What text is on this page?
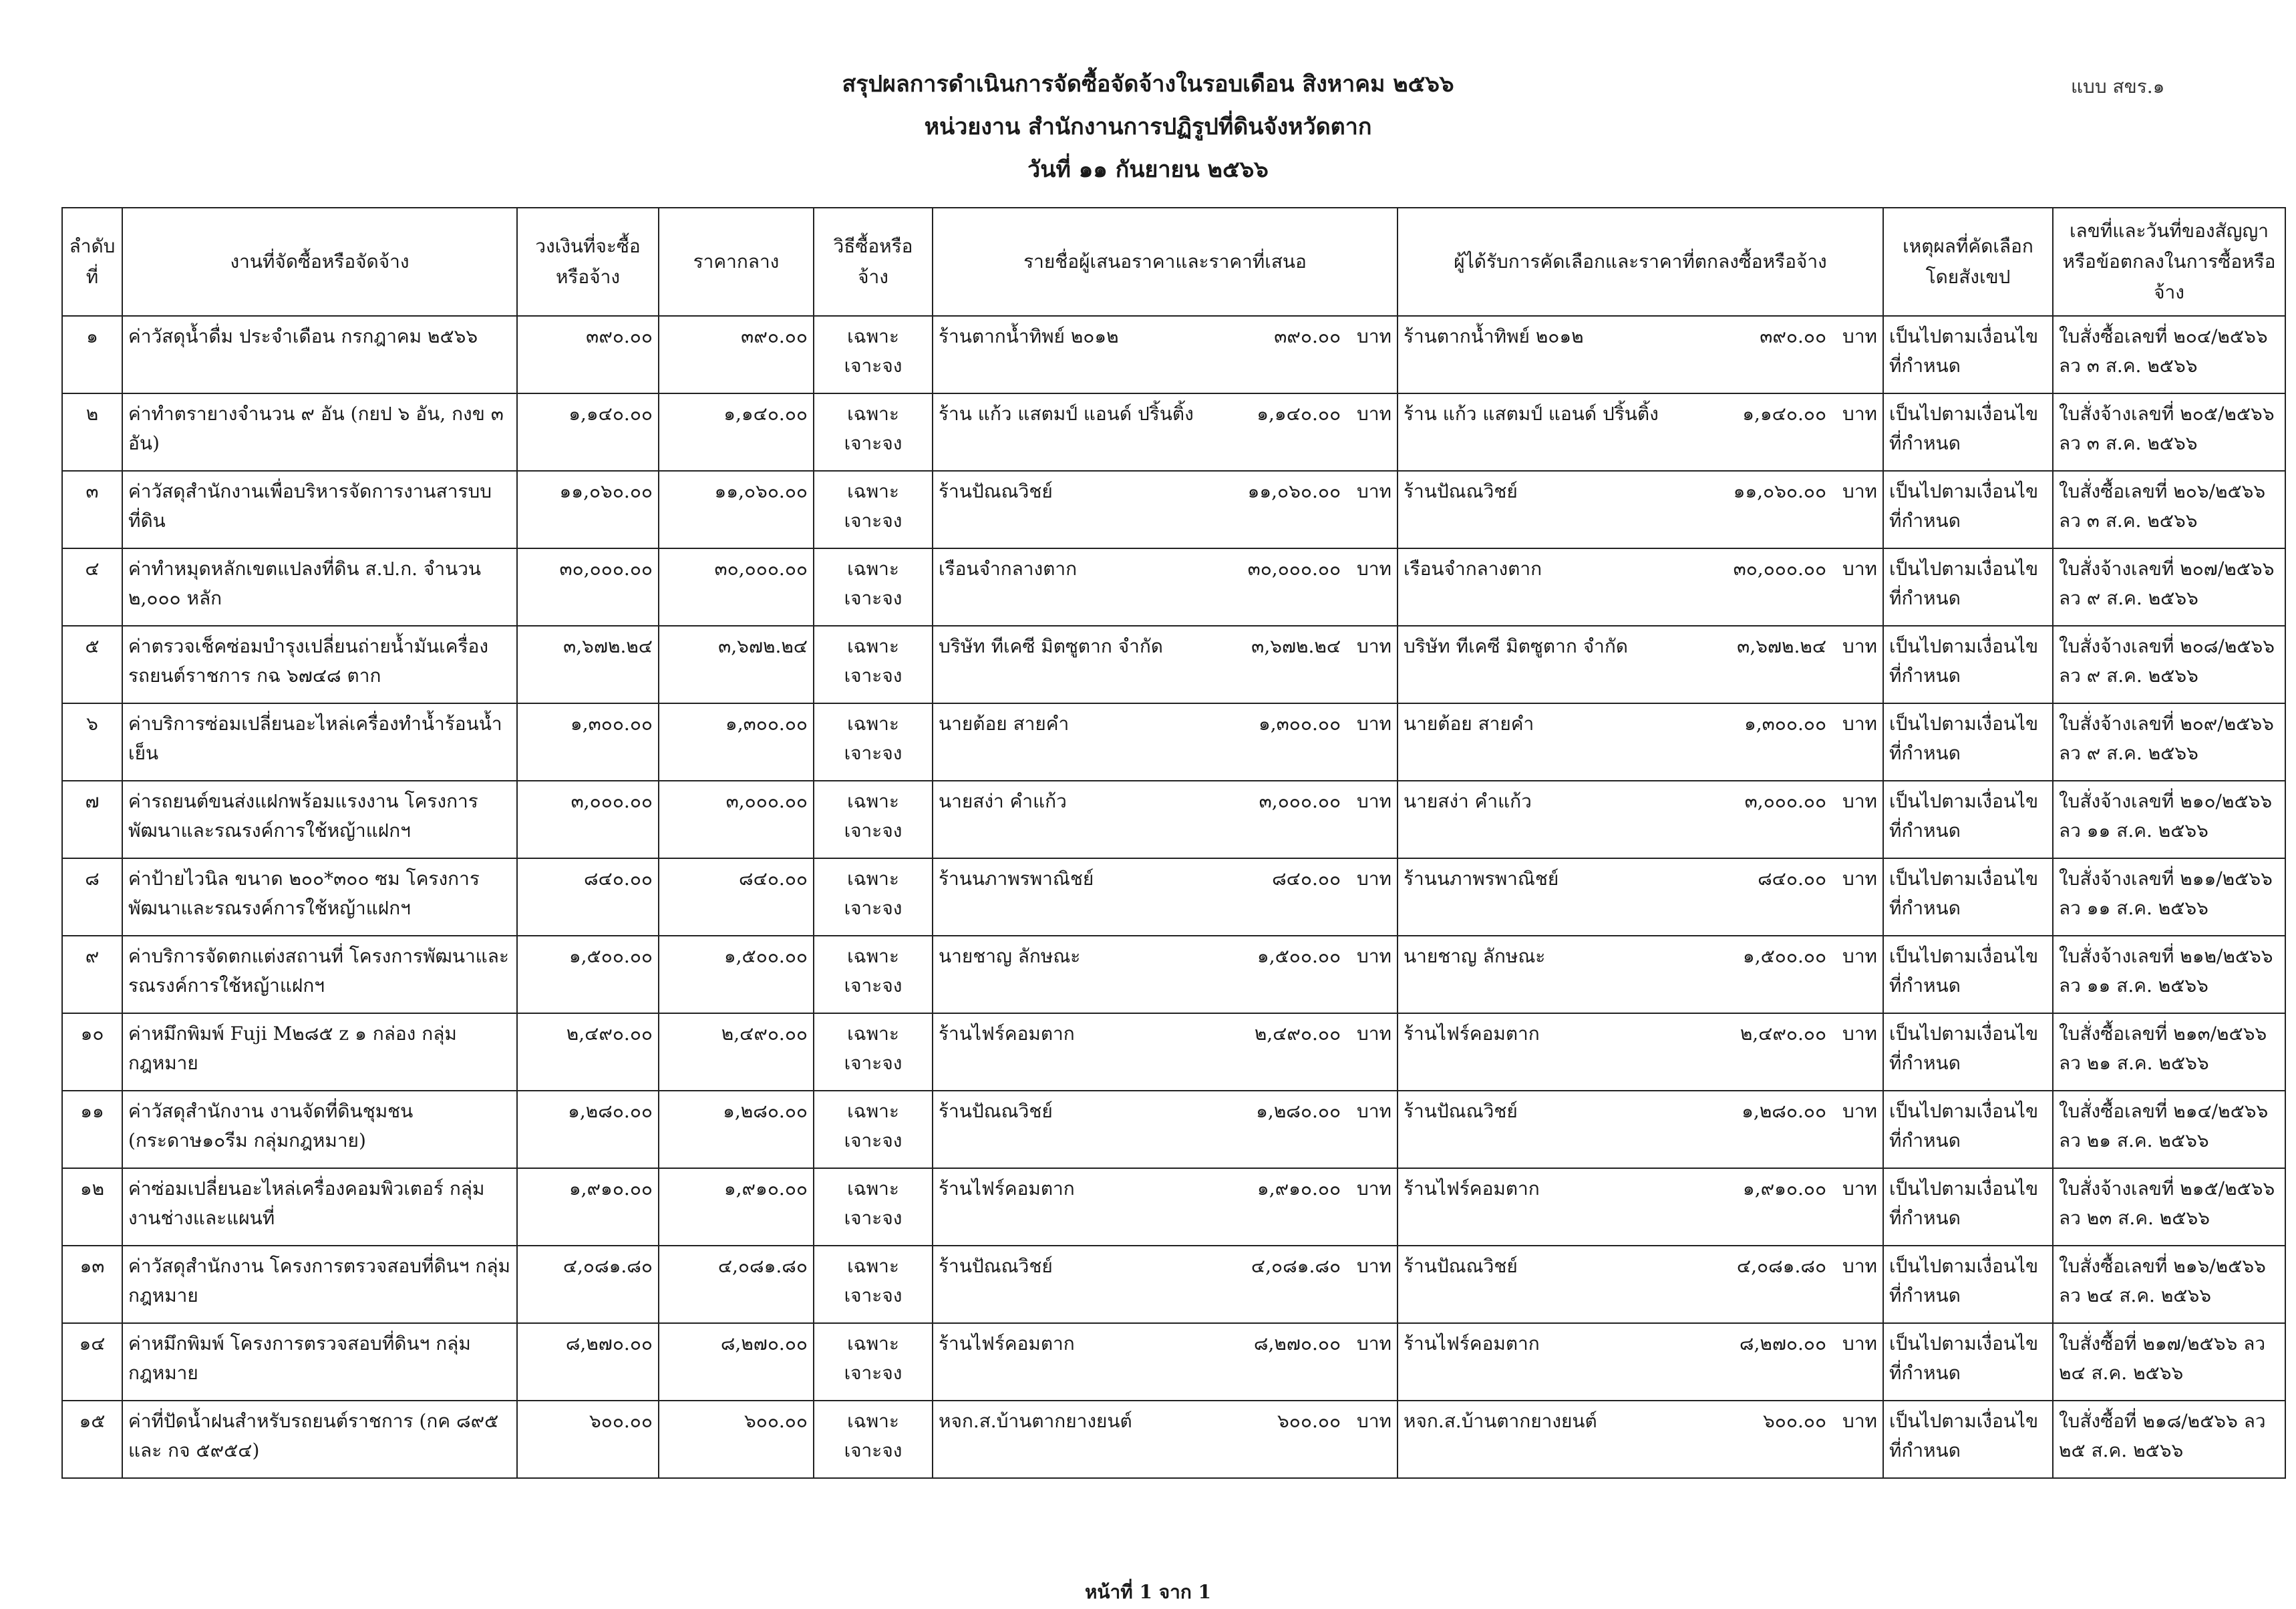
แบบ สขร.๑
สรุปผลการดำเนินการจัดซื้อจัดจ้างในรอบเดือน สิงหาคม ๒๕๖๖
หน่วยงาน สำนักงานการปฏิรูปที่ดินจังหวัดตาก
วันที่ ๑๑ กันยายน ๒๕๖๖
ลำดับที่	งานที่จัดซื้อหรือจัดจ้าง	วงเงินที่จะซื้อหรือจ้าง	ราคากลาง	วิธีซื้อหรือจ้าง	รายชื่อผู้เสนอราคาและราคาที่เสนอ	ผู้ได้รับการคัดเลือกและราคาที่ตกลงซื้อหรือจ้าง	เหตุผลที่คัดเลือกโดยสังเขป	เลขที่และวันที่ของสัญญาหรือข้อตกลงในการซื้อหรือจ้าง
๑	ค่าวัสดุน้ำดื่ม ประจำเดือน กรกฎาคม ๒๕๖๖	๓๙๐.๐๐	๓๙๐.๐๐	เฉพาะเจาะจง	ร้านตากน้ำทิพย์ ๒๐๑๒ ๓๙๐.๐๐ บาท	ร้านตากน้ำทิพย์ ๒๐๑๒ ๓๙๐.๐๐ บาท	เป็นไปตามเงื่อนไขที่กำหนด	ใบสั่งซื้อเลขที่ ๒๐๔/๒๕๖๖ ลว ๓ ส.ค. ๒๕๖๖
๒	ค่าทำตรายางจำนวน ๙ อัน (กยป ๖ อัน, กงข ๓ อัน)	๑,๑๔๐.๐๐	๑,๑๔๐.๐๐	เฉพาะเจาะจง	ร้าน แก้ว แสตมป์ แอนด์ ปริ้นติ้ง ๑,๑๔๐.๐๐ บาท	ร้าน แก้ว แสตมป์ แอนด์ ปริ้นติ้ง ๑,๑๔๐.๐๐ บาท	เป็นไปตามเงื่อนไขที่กำหนด	ใบสั่งจ้างเลขที่ ๒๐๕/๒๕๖๖ ลว ๓ ส.ค. ๒๕๖๖
๓	ค่าวัสดุสำนักงานเพื่อบริหารจัดการงานสารบบที่ดิน	๑๑,๐๖๐.๐๐	๑๑,๐๖๐.๐๐	เฉพาะเจาะจง	ร้านปัณณวิชย์ ๑๑,๐๖๐.๐๐ บาท	ร้านปัณณวิชย์ ๑๑,๐๖๐.๐๐ บาท	เป็นไปตามเงื่อนไขที่กำหนด	ใบสั่งซื้อเลขที่ ๒๐๖/๒๕๖๖ ลว ๓ ส.ค. ๒๕๖๖
๔	ค่าทำหมุดหลักเขตแปลงที่ดิน ส.ป.ก. จำนวน ๒,๐๐๐ หลัก	๓๐,๐๐๐.๐๐	๓๐,๐๐๐.๐๐	เฉพาะเจาะจง	เรือนจำกลางตาก ๓๐,๐๐๐.๐๐ บาท	เรือนจำกลางตาก ๓๐,๐๐๐.๐๐ บาท	เป็นไปตามเงื่อนไขที่กำหนด	ใบสั่งจ้างเลขที่ ๒๐๗/๒๕๖๖ ลว ๙ ส.ค. ๒๕๖๖
๕	ค่าตรวจเช็คซ่อมบำรุงเปลี่ยนถ่ายน้ำมันเครื่อง รถยนต์ราชการ กฉ ๖๗๔๘ ตาก	๓,๖๗๒.๒๔	๓,๖๗๒.๒๔	เฉพาะเจาะจง	บริษัท ทีเคซี มิตซูตาก จำกัด ๓,๖๗๒.๒๔ บาท	บริษัท ทีเคซี มิตซูตาก จำกัด ๓,๖๗๒.๒๔ บาท	เป็นไปตามเงื่อนไขที่กำหนด	ใบสั่งจ้างเลขที่ ๒๐๘/๒๕๖๖ ลว ๙ ส.ค. ๒๕๖๖
๖	ค่าบริการซ่อมเปลี่ยนอะไหล่เครื่องทำน้ำร้อนน้ำเย็น	๑,๓๐๐.๐๐	๑,๓๐๐.๐๐	เฉพาะเจาะจง	นายต้อย สายคำ ๑,๓๐๐.๐๐ บาท	นายต้อย สายคำ ๑,๓๐๐.๐๐ บาท	เป็นไปตามเงื่อนไขที่กำหนด	ใบสั่งจ้างเลขที่ ๒๐๙/๒๕๖๖ ลว ๙ ส.ค. ๒๕๖๖
๗	ค่ารถยนต์ขนส่งแฝกพร้อมแรงงาน โครงการพัฒนาและรณรงค์การใช้หญ้าแฝกฯ	๓,๐๐๐.๐๐	๓,๐๐๐.๐๐	เฉพาะเจาะจง	นายสง่า คำแก้ว ๓,๐๐๐.๐๐ บาท	นายสง่า คำแก้ว ๓,๐๐๐.๐๐ บาท	เป็นไปตามเงื่อนไขที่กำหนด	ใบสั่งจ้างเลขที่ ๒๑๐/๒๕๖๖ ลว ๑๑ ส.ค. ๒๕๖๖
๘	ค่าป้ายไวนิล ขนาด ๒๐๐*๓๐๐ ซม โครงการพัฒนาและรณรงค์การใช้หญ้าแฝกฯ	๘๔๐.๐๐	๘๔๐.๐๐	เฉพาะเจาะจง	ร้านนภาพรพาณิชย์ ๘๔๐.๐๐ บาท	ร้านนภาพรพาณิชย์ ๘๔๐.๐๐ บาท	เป็นไปตามเงื่อนไขที่กำหนด	ใบสั่งจ้างเลขที่ ๒๑๑/๒๕๖๖ ลว ๑๑ ส.ค. ๒๕๖๖
๙	ค่าบริการจัดตกแต่งสถานที่ โครงการพัฒนาและรณรงค์การใช้หญ้าแฝกฯ	๑,๕๐๐.๐๐	๑,๕๐๐.๐๐	เฉพาะเจาะจง	นายชาญ ลักษณะ ๑,๕๐๐.๐๐ บาท	นายชาญ ลักษณะ ๑,๕๐๐.๐๐ บาท	เป็นไปตามเงื่อนไขที่กำหนด	ใบสั่งจ้างเลขที่ ๒๑๒/๒๕๖๖ ลว ๑๑ ส.ค. ๒๕๖๖
๑๐	ค่าหมึกพิมพ์ Fuji M๒๘๕ z ๑ กล่อง กลุ่มกฎหมาย	๒,๔๙๐.๐๐	๒,๔๙๐.๐๐	เฉพาะเจาะจง	ร้านไฟร์คอมตาก ๒,๔๙๐.๐๐ บาท	ร้านไฟร์คอมตาก ๒,๔๙๐.๐๐ บาท	เป็นไปตามเงื่อนไขที่กำหนด	ใบสั่งซื้อเลขที่ ๒๑๓/๒๕๖๖ ลว ๒๑ ส.ค. ๒๕๖๖
๑๑	ค่าวัสดุสำนักงาน งานจัดที่ดินชุมชน (กระดาษ๑๐รีม กลุ่มกฎหมาย)	๑,๒๘๐.๐๐	๑,๒๘๐.๐๐	เฉพาะเจาะจง	ร้านปัณณวิชย์ ๑,๒๘๐.๐๐ บาท	ร้านปัณณวิชย์ ๑,๒๘๐.๐๐ บาท	เป็นไปตามเงื่อนไขที่กำหนด	ใบสั่งซื้อเลขที่ ๒๑๔/๒๕๖๖ ลว ๒๑ ส.ค. ๒๕๖๖
๑๒	ค่าซ่อมเปลี่ยนอะไหล่เครื่องคอมพิวเตอร์ กลุ่มงานช่างและแผนที่	๑,๙๑๐.๐๐	๑,๙๑๐.๐๐	เฉพาะเจาะจง	ร้านไฟร์คอมตาก ๑,๙๑๐.๐๐ บาท	ร้านไฟร์คอมตาก ๑,๙๑๐.๐๐ บาท	เป็นไปตามเงื่อนไขที่กำหนด	ใบสั่งจ้างเลขที่ ๒๑๕/๒๕๖๖ ลว ๒๓ ส.ค. ๒๕๖๖
๑๓	ค่าวัสดุสำนักงาน โครงการตรวจสอบที่ดินฯ กลุ่มกฎหมาย	๔,๐๘๑.๘๐	๔,๐๘๑.๘๐	เฉพาะเจาะจง	ร้านปัณณวิชย์ ๔,๐๘๑.๘๐ บาท	ร้านปัณณวิชย์ ๔,๐๘๑.๘๐ บาท	เป็นไปตามเงื่อนไขที่กำหนด	ใบสั่งซื้อเลขที่ ๒๑๖/๒๕๖๖ ลว ๒๔ ส.ค. ๒๕๖๖
๑๔	ค่าหมึกพิมพ์ โครงการตรวจสอบที่ดินฯ กลุ่มกฎหมาย	๘,๒๗๐.๐๐	๘,๒๗๐.๐๐	เฉพาะเจาะจง	ร้านไฟร์คอมตาก ๘,๒๗๐.๐๐ บาท	ร้านไฟร์คอมตาก ๘,๒๗๐.๐๐ บาท	เป็นไปตามเงื่อนไขที่กำหนด	ใบสั่งซื้อที่ ๒๑๗/๒๕๖๖ ลว ๒๔ ส.ค. ๒๕๖๖
๑๕	ค่าที่ปัดน้ำฝนสำหรับรถยนต์ราชการ (กค ๘๙๕ และ กจ ๕๙๕๔)	๖๐๐.๐๐	๖๐๐.๐๐	เฉพาะเจาะจง	หจก.ส.บ้านตากยางยนต์ ๖๐๐.๐๐ บาท	หจก.ส.บ้านตากยางยนต์ ๖๐๐.๐๐ บาท	เป็นไปตามเงื่อนไขที่กำหนด	ใบสั่งซื้อที่ ๒๑๘/๒๕๖๖ ลว ๒๕ ส.ค. ๒๕๖๖
หน้าที่ 1 จาก 1
